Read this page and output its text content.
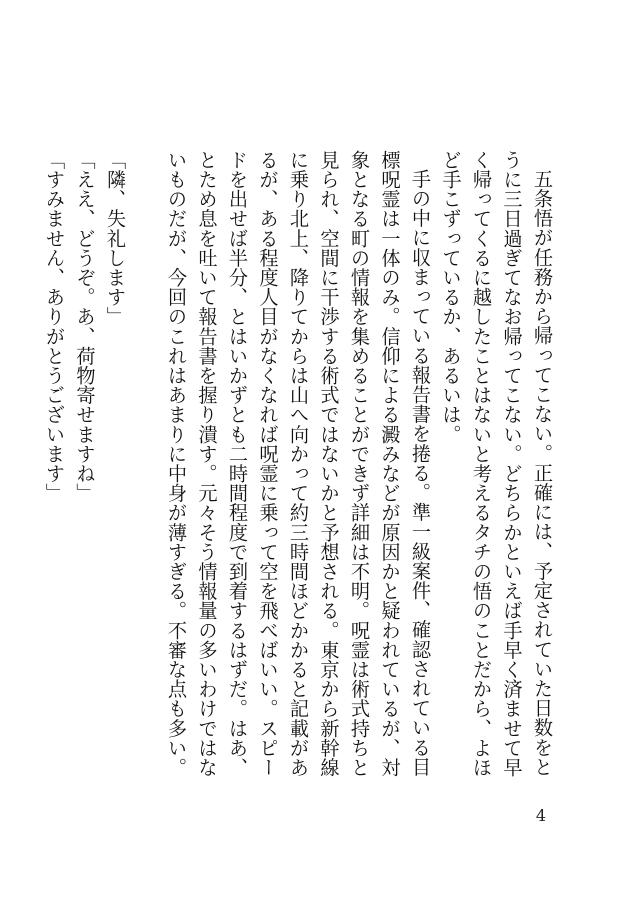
五条悟が任務から帰ってこない。正確には、予定されていた日数をとうに三日過ぎてなお帰ってこない。どちらかといえば手早く済ませて早く帰ってくるに越したことはないと考えるタチの悟のことだから、よほど手こずっているか、あるいは。

手の中に収まっている報告書を捲る。準一級案件、確認されている目標呪霊は一体のみ。信仰による澱みなどが原因かと疑われているが、対象となる町の情報を集めることができず詳細は不明。呪霊は術式持ちと見られ、空間に干渉する術式ではないかと予想される。東京から新幹線に乗り北上、降りてからは山へ向かって約三時間ほどかかると記載があるが、ある程度人目がなくなれば呪霊に乗って空を飛べばいい。スピードを出せば半分、とはいかずとも二時間程度で到着するはずだ。はあ、とため息を吐いて報告書を握り潰す。元々そう情報量の多いわけではないものだが、今回のこれはあまりに中身が薄すぎる。不審な点も多い。

「隣、失礼します」

「ええ、どうぞ。あ、荷物寄せますね」

「すみません、ありがとうございます」

4
